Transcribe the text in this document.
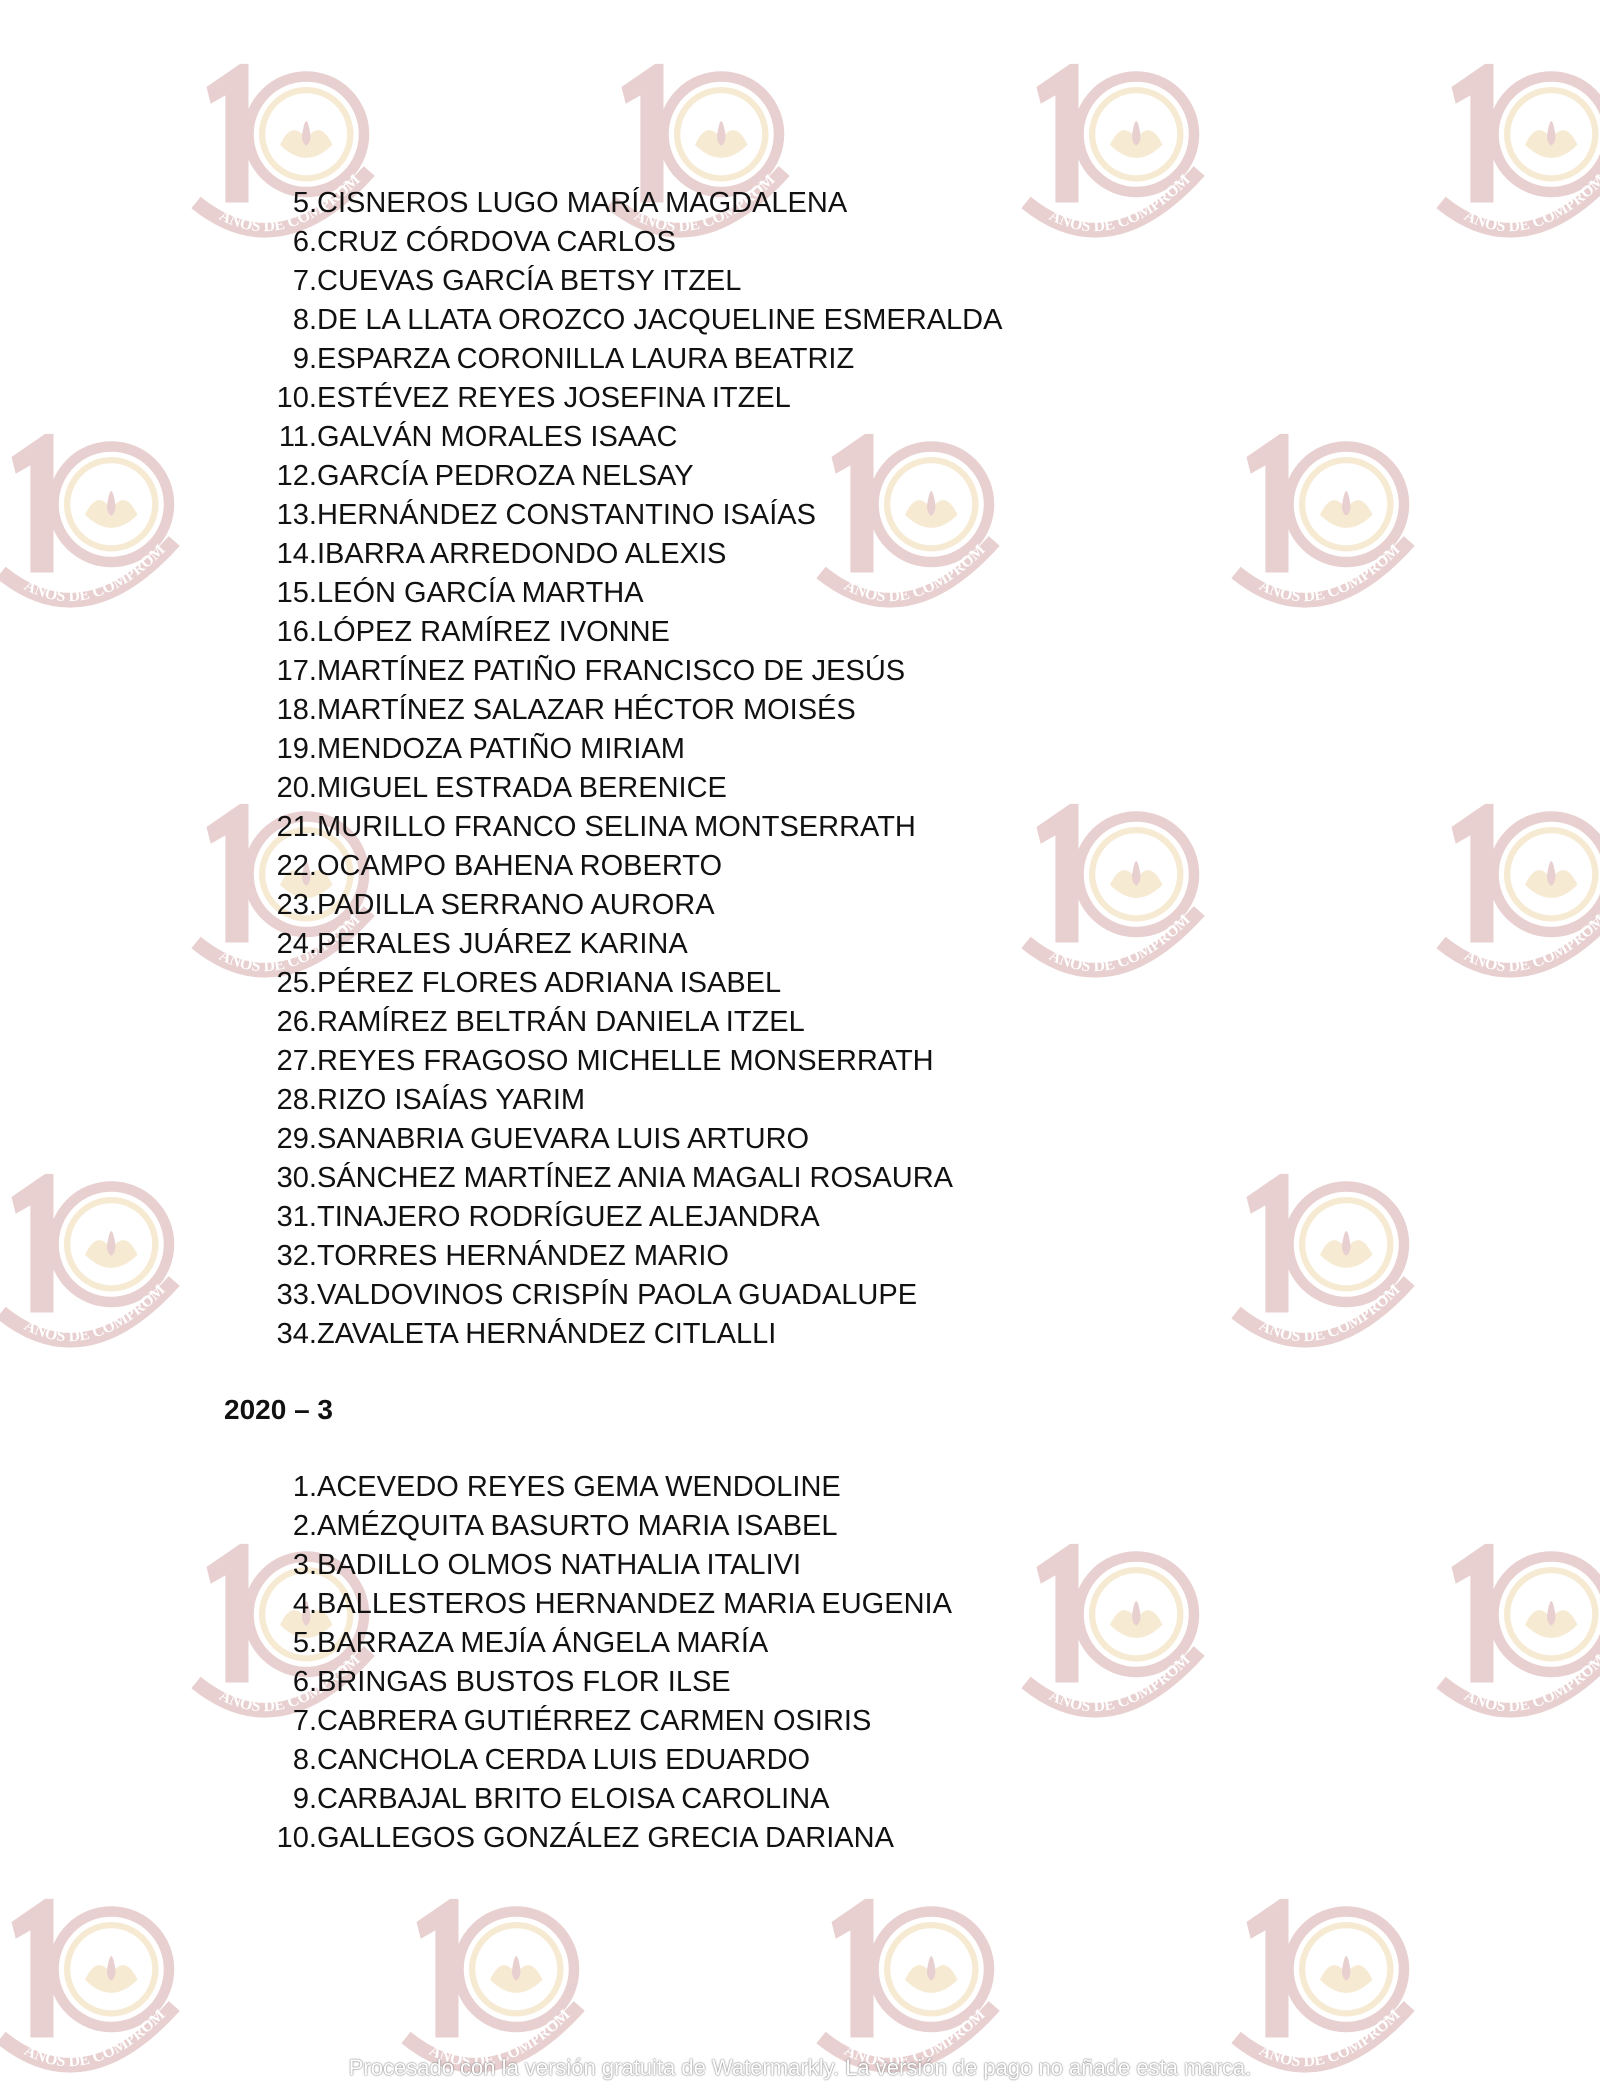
5. CISNEROS LUGO MARÍA MAGDALENA
6. CRUZ CÓRDOVA CARLOS
7. CUEVAS GARCÍA BETSY ITZEL
8. DE LA LLATA OROZCO JACQUELINE ESMERALDA
9. ESPARZA CORONILLA LAURA BEATRIZ
10. ESTÉVEZ REYES JOSEFINA ITZEL
11. GALVÁN MORALES ISAAC
12. GARCÍA PEDROZA NELSAY
13. HERNÁNDEZ CONSTANTINO ISAÍAS
14. IBARRA ARREDONDO ALEXIS
15. LEÓN GARCÍA MARTHA
16. LÓPEZ RAMÍREZ IVONNE
17. MARTÍNEZ PATIÑO FRANCISCO DE JESÚS
18. MARTÍNEZ SALAZAR HÉCTOR MOISÉS
19. MENDOZA PATIÑO MIRIAM
20. MIGUEL ESTRADA BERENICE
21. MURILLO FRANCO SELINA MONTSERRATH
22. OCAMPO BAHENA ROBERTO
23. PADILLA SERRANO AURORA
24. PERALES JUÁREZ KARINA
25. PÉREZ FLORES ADRIANA ISABEL
26. RAMÍREZ BELTRÁN DANIELA ITZEL
27. REYES FRAGOSO MICHELLE MONSERRATH
28. RIZO ISAÍAS YARIM
29. SANABRIA GUEVARA LUIS ARTURO
30. SÁNCHEZ MARTÍNEZ ANIA MAGALI ROSAURA
31. TINAJERO RODRÍGUEZ ALEJANDRA
32. TORRES HERNÁNDEZ MARIO
33. VALDOVINOS CRISPÍN PAOLA GUADALUPE
34. ZAVALETA HERNÁNDEZ CITLALLI
2020 – 3
1. ACEVEDO REYES GEMA WENDOLINE
2. AMÉZQUITA BASURTO MARIA ISABEL
3. BADILLO OLMOS NATHALIA ITALIVI
4. BALLESTEROS HERNANDEZ MARIA EUGENIA
5. BARRAZA MEJÍA ÁNGELA MARÍA
6. BRINGAS BUSTOS FLOR ILSE
7. CABRERA GUTIÉRREZ CARMEN OSIRIS
8. CANCHOLA CERDA LUIS EDUARDO
9. CARBAJAL BRITO ELOISA CAROLINA
10. GALLEGOS GONZÁLEZ GRECIA DARIANA
Procesado con la versión gratuita de Watermarkly. La versión de pago no añade esta marca.
